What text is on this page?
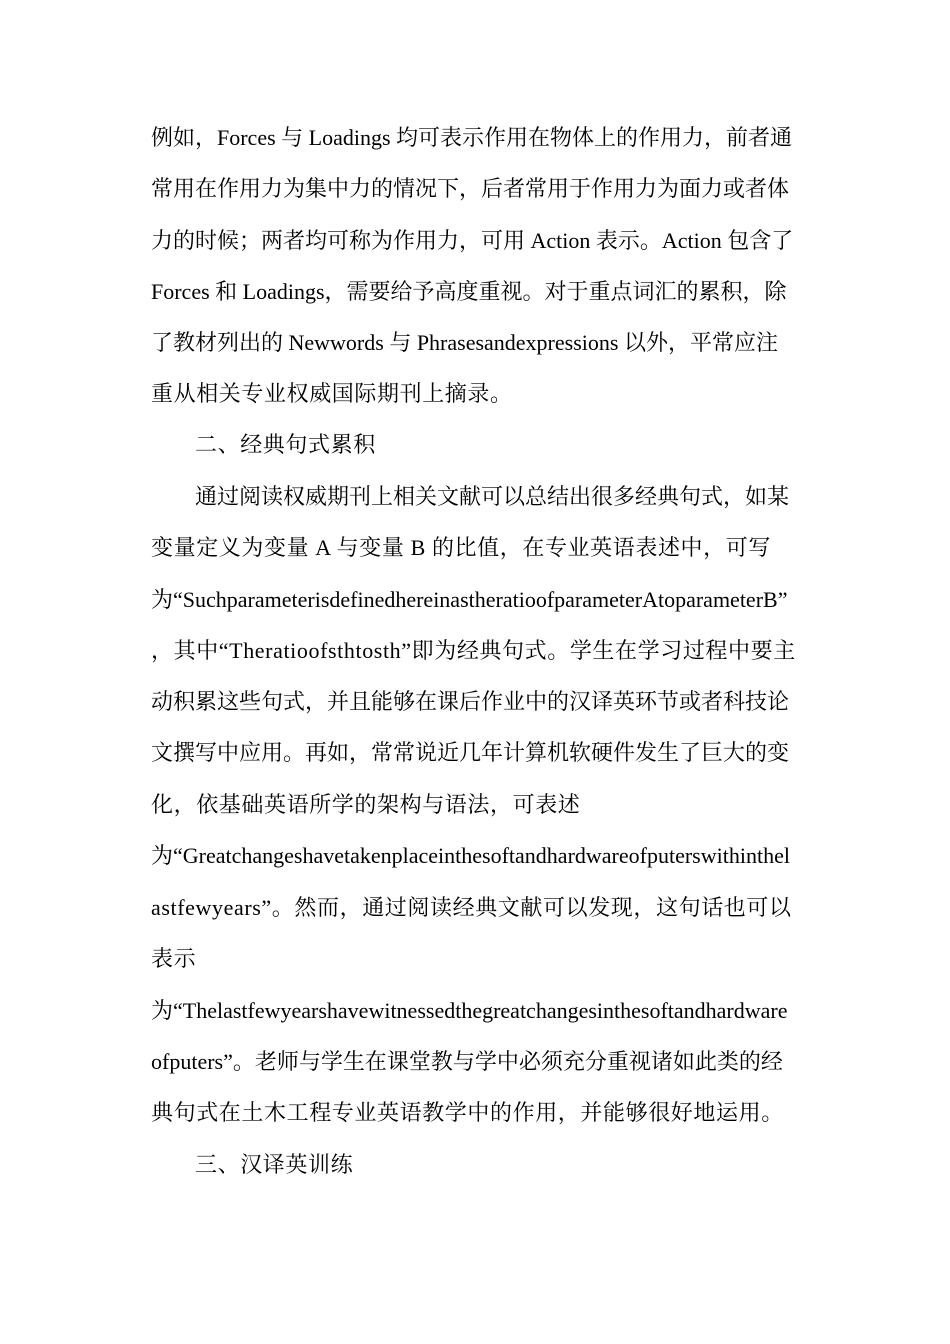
例如，Forces 与 Loadings 均可表示作用在物体上的作用力，前者通
常用在作用力为集中力的情况下，后者常用于作用力为面力或者体
力的时候；两者均可称为作用力，可用 Action 表示。Action 包含了
Forces 和 Loadings，需要给予高度重视。对于重点词汇的累积，除
了教材列出的 Newwords 与 Phrasesandexpressions 以外，平常应注
重从相关专业权威国际期刊上摘录。
二、经典句式累积
通过阅读权威期刊上相关文献可以总结出很多经典句式，如某
变量定义为变量 A 与变量 B 的比值，在专业英语表述中，可写
为“SuchparameterisdefinedhereinastheratioofparameterAtoparameterB”
，其中“Theratioofsthtosth”即为经典句式。学生在学习过程中要主
动积累这些句式，并且能够在课后作业中的汉译英环节或者科技论
文撰写中应用。再如，常常说近几年计算机软硬件发生了巨大的变
化，依基础英语所学的架构与语法，可表述
为“Greatchangeshavetakenplaceinthesoftandhardwareofputerswithinthel
astfewyears”。然而，通过阅读经典文献可以发现，这句话也可以
表示
为“Thelastfewyearshavewitnessedthegreatchangesinthesoftandhardware
ofputers”。老师与学生在课堂教与学中必须充分重视诸如此类的经
典句式在土木工程专业英语教学中的作用，并能够很好地运用。
三、汉译英训练
